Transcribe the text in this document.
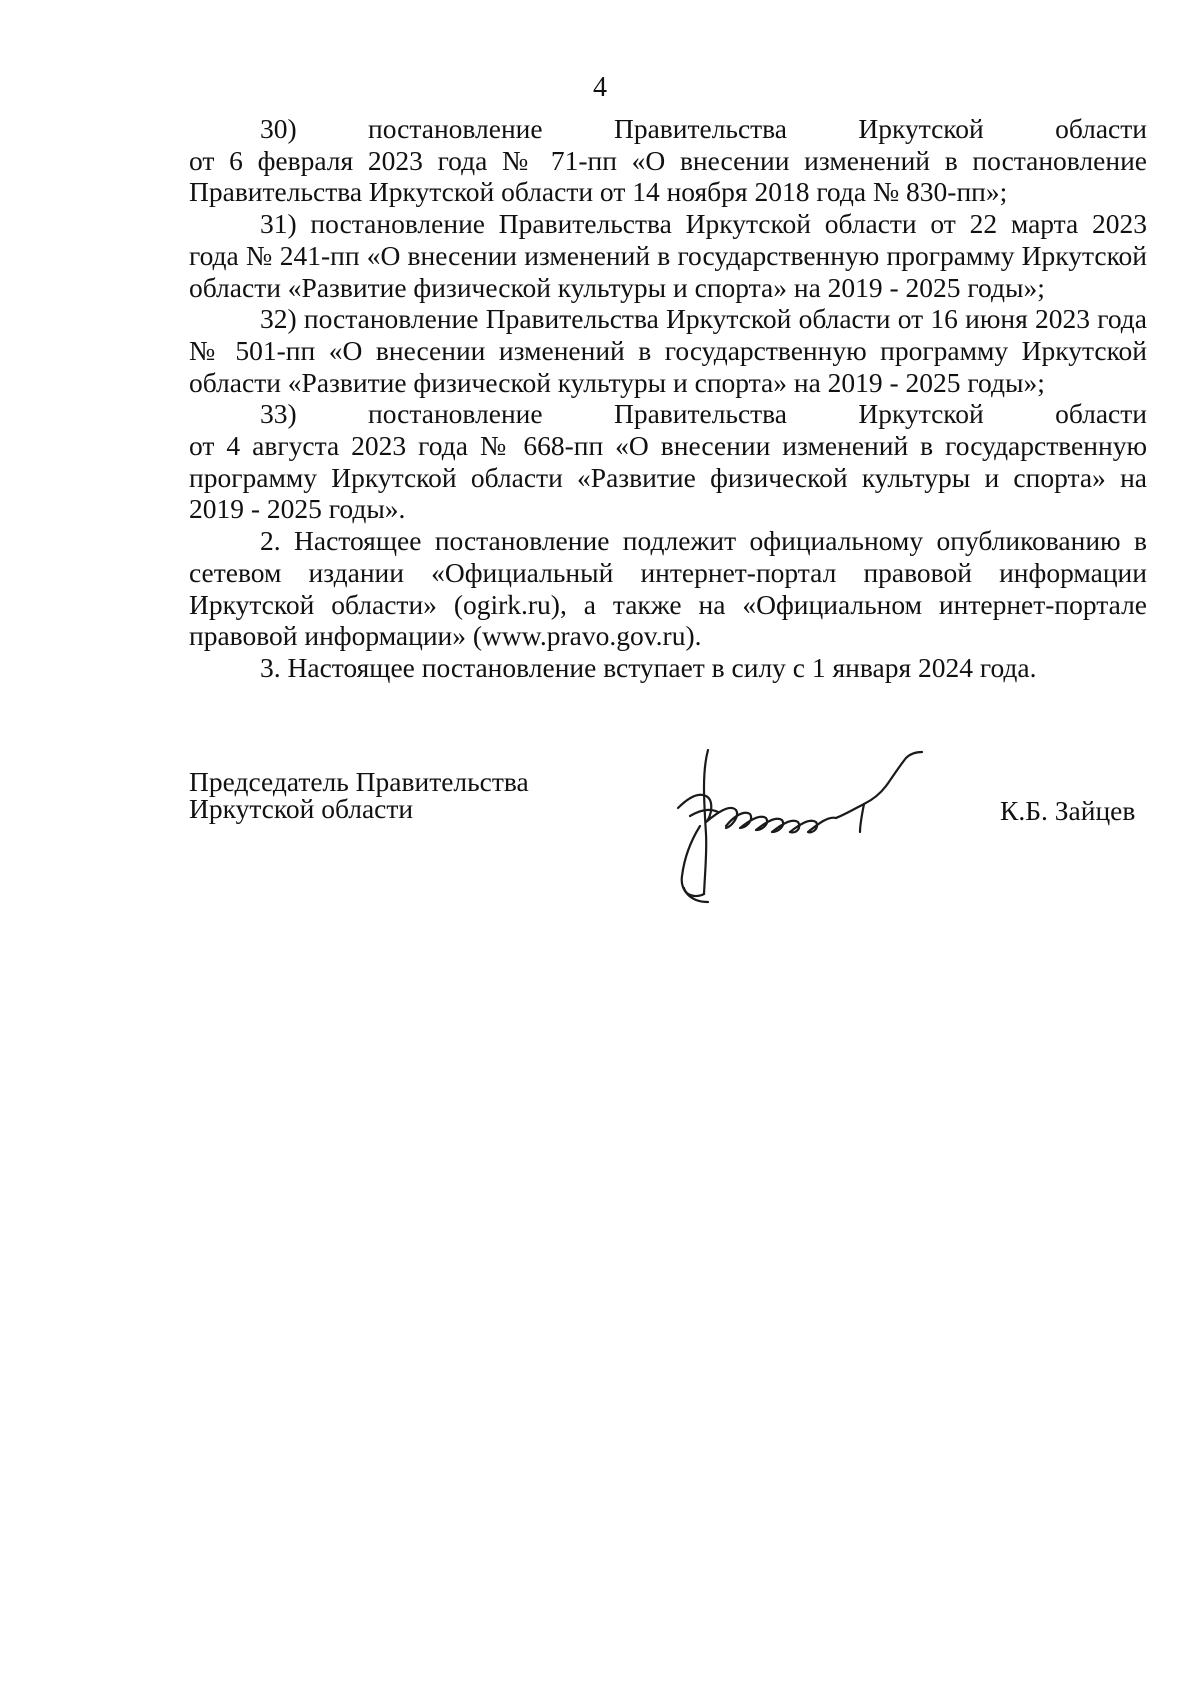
4

30) постановление Правительства Иркутской области
от 6 февраля 2023 года № 71-пп «О внесении изменений в постановление Правительства Иркутской области от 14 ноября 2018 года № 830-пп»;

31) постановление Правительства Иркутской области от 22 марта 2023 года № 241-пп «О внесении изменений в государственную программу Иркутской области «Развитие физической культуры и спорта» на 2019 - 2025 годы»;

32) постановление Правительства Иркутской области от 16 июня 2023 года № 501-пп «О внесении изменений в государственную программу Иркутской области «Развитие физической культуры и спорта» на 2019 - 2025 годы»;

33) постановление Правительства Иркутской области
от 4 августа 2023 года № 668-пп «О внесении изменений в государственную программу Иркутской области «Развитие физической культуры и спорта» на 2019 - 2025 годы».

2. Настоящее постановление подлежит официальному опубликованию в сетевом издании «Официальный интернет-портал правовой информации Иркутской области» (ogirk.ru), а также на «Официальном интернет-портале правовой информации» (www.pravo.gov.ru).

3. Настоящее постановление вступает в силу с 1 января 2024 года.

Председатель Правительства
Иркутской области	К.Б. Зайцев
